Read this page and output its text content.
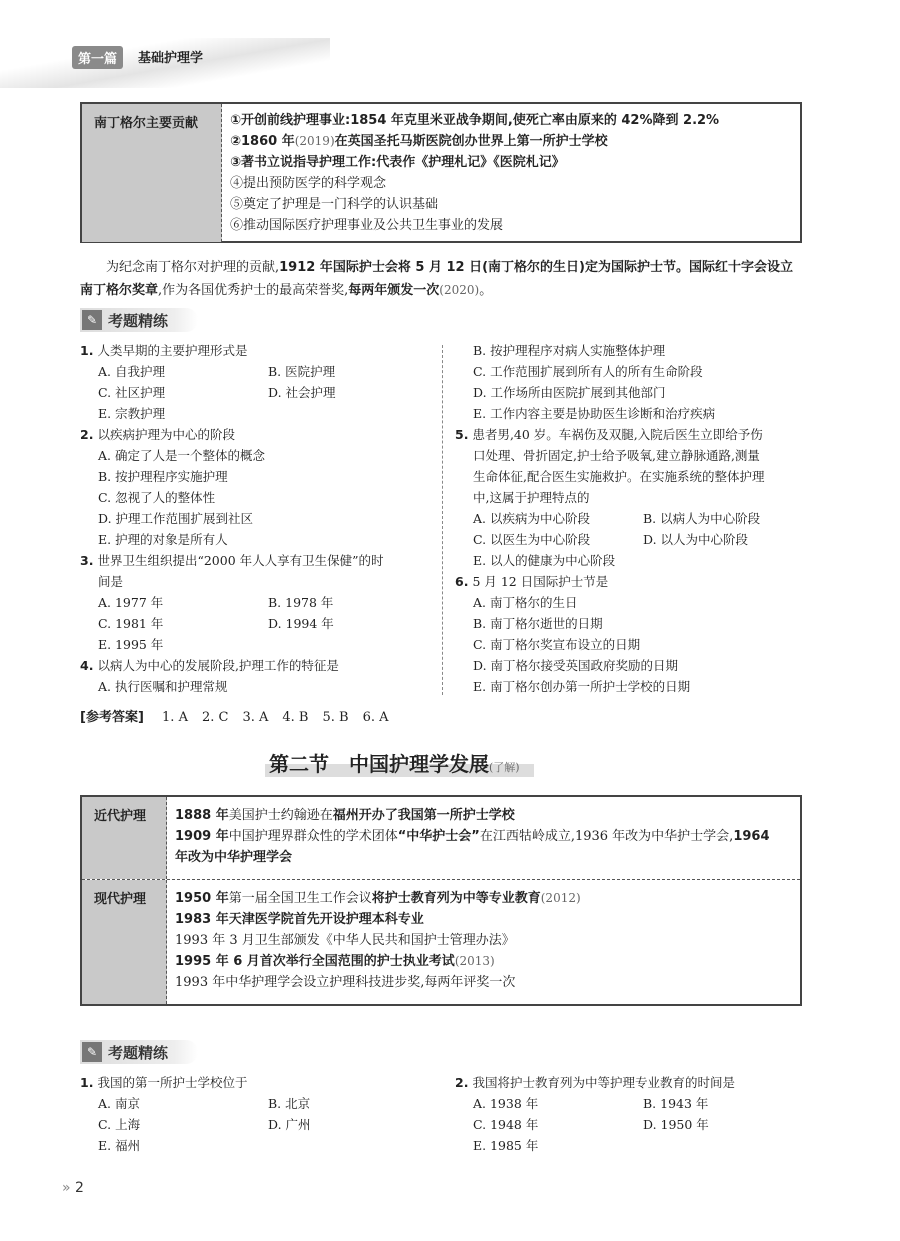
第一篇	基础护理学
南丁格尔主要贡献	①开创前线护理事业:1854 年克里米亚战争期间,使死亡率由原来的 42%降到 2.2%
②1860 年(2019)在英国圣托马斯医院创办世界上第一所护士学校
③著书立说指导护理工作:代表作《护理札记》《医院札记》
④提出预防医学的科学观念
⑤奠定了护理是一门科学的认识基础
⑥推动国际医疗护理事业及公共卫生事业的发展
为纪念南丁格尔对护理的贡献,1912 年国际护士会将 5 月 12 日(南丁格尔的生日)定为国际护士节。国际红十字会设立南丁格尔奖章,作为各国优秀护士的最高荣誉奖,每两年颁发一次(2020)。
✎ 考题精练
1. 人类早期的主要护理形式是
A. 自我护理	B. 医院护理
C. 社区护理	D. 社会护理
E. 宗教护理
2. 以疾病护理为中心的阶段
A. 确定了人是一个整体的概念
B. 按护理程序实施护理
C. 忽视了人的整体性
D. 护理工作范围扩展到社区
E. 护理的对象是所有人
3. 世界卫生组织提出“2000 年人人享有卫生保健”的时
间是
A. 1977 年	B. 1978 年
C. 1981 年	D. 1994 年
E. 1995 年
4. 以病人为中心的发展阶段,护理工作的特征是
A. 执行医嘱和护理常规
B. 按护理程序对病人实施整体护理
C. 工作范围扩展到所有人的所有生命阶段
D. 工作场所由医院扩展到其他部门
E. 工作内容主要是协助医生诊断和治疗疾病
5. 患者男,40 岁。车祸伤及双腿,入院后医生立即给予伤
口处理、骨折固定,护士给予吸氧,建立静脉通路,测量
生命体征,配合医生实施救护。在实施系统的整体护理
中,这属于护理特点的
A. 以疾病为中心阶段	B. 以病人为中心阶段
C. 以医生为中心阶段	D. 以人为中心阶段
E. 以人的健康为中心阶段
6. 5 月 12 日国际护士节是
A. 南丁格尔的生日
B. 南丁格尔逝世的日期
C. 南丁格尔奖宣布设立的日期
D. 南丁格尔接受英国政府奖励的日期
E. 南丁格尔创办第一所护士学校的日期
[参考答案] 1. A 2. C 3. A 4. B 5. B 6. A
第二节　中国护理学发展(了解)
近代护理	1888 年美国护士约翰逊在福州开办了我国第一所护士学校
1909 年中国护理界群众性的学术团体“中华护士会”在江西牯岭成立,1936 年改为中华护士学会,1964
年改为中华护理学会
现代护理	1950 年第一届全国卫生工作会议将护士教育列为中等专业教育(2012)
1983 年天津医学院首先开设护理本科专业
1993 年 3 月卫生部颁发《中华人民共和国护士管理办法》
1995 年 6 月首次举行全国范围的护士执业考试(2013)
1993 年中华护理学会设立护理科技进步奖,每两年评奖一次
✎ 考题精练
1. 我国的第一所护士学校位于
A. 南京	B. 北京
C. 上海	D. 广州
E. 福州
2. 我国将护士教育列为中等护理专业教育的时间是
A. 1938 年	B. 1943 年
C. 1948 年	D. 1950 年
E. 1985 年
» 2
